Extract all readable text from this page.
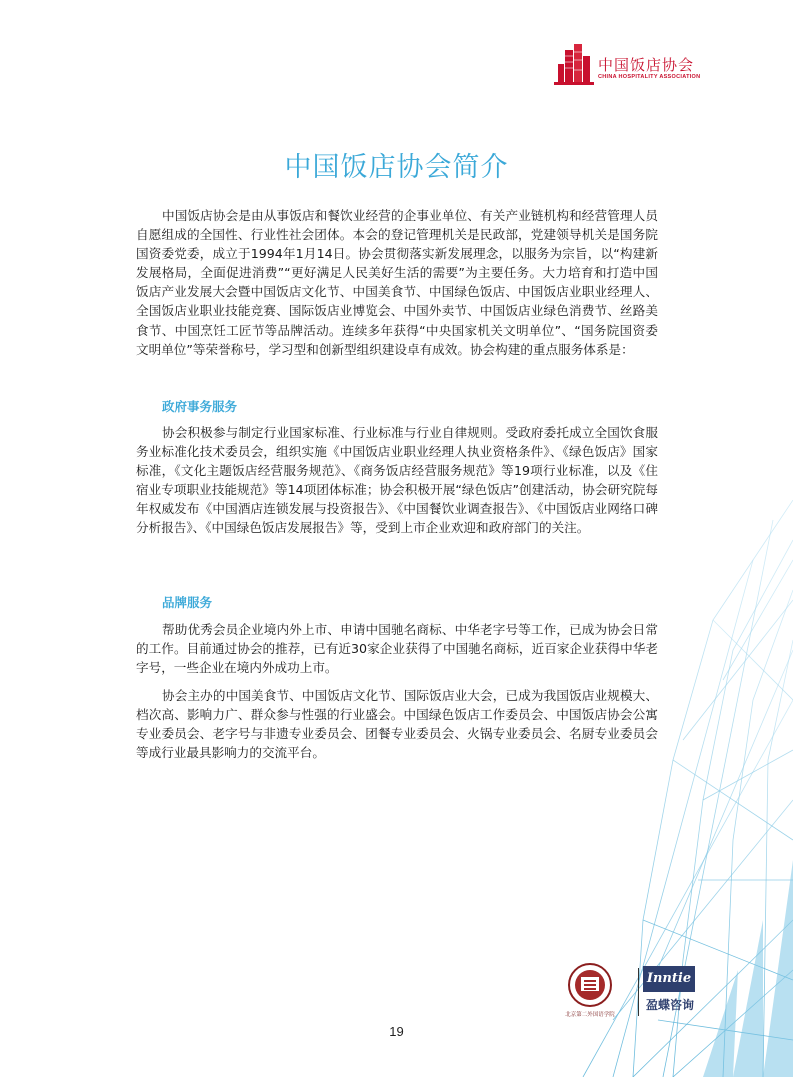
中国饭店协会
CHINA HOSPITALITY ASSOCIATION
中国饭店协会简介

中国饭店协会是由从事饭店和餐饮业经营的企事业单位、有关产业链机构和经营管理人员自愿组成的全国性、行业性社会团体。本会的登记管理机关是民政部，党建领导机关是国务院国资委党委，成立于1994年1月14日。协会贯彻落实新发展理念，以服务为宗旨，以“构建新发展格局，全面促进消费”“更好满足人民美好生活的需要”为主要任务。大力培育和打造中国饭店产业发展大会暨中国饭店文化节、中国美食节、中国绿色饭店、中国饭店业职业经理人、全国饭店业职业技能竞赛、国际饭店业博览会、中国外卖节、中国饭店业绿色消费节、丝路美食节、中国烹饪工匠节等品牌活动。连续多年获得“中央国家机关文明单位”、“国务院国资委文明单位”等荣誉称号，学习型和创新型组织建设卓有成效。协会构建的重点服务体系是：

政府事务服务

协会积极参与制定行业国家标准、行业标准与行业自律规则。受政府委托成立全国饮食服务业标准化技术委员会，组织实施《中国饭店业职业经理人执业资格条件》、《绿色饭店》国家标准，《文化主题饭店经营服务规范》、《商务饭店经营服务规范》等19项行业标准，以及《住宿业专项职业技能规范》等14项团体标准；协会积极开展“绿色饭店”创建活动，协会研究院每年权威发布《中国酒店连锁发展与投资报告》、《中国餐饮业调查报告》、《中国饭店业网络口碑分析报告》、《中国绿色饭店发展报告》等，受到上市企业欢迎和政府部门的关注。

品牌服务

帮助优秀会员企业境内外上市、申请中国驰名商标、中华老字号等工作，已成为协会日常的工作。目前通过协会的推荐，已有近30家企业获得了中国驰名商标，近百家企业获得中华老字号，一些企业在境内外成功上市。

协会主办的中国美食节、中国饭店文化节、国际饭店业大会，已成为我国饭店业规模大、档次高、影响力广、群众参与性强的行业盛会。中国绿色饭店工作委员会、中国饭店协会公寓专业委员会、老字号与非遗专业委员会、团餐专业委员会、火锅专业委员会、名厨专业委员会等成行业最具影响力的交流平台。

北京第二外国语学院
Inntie
盈蝶咨询
19
